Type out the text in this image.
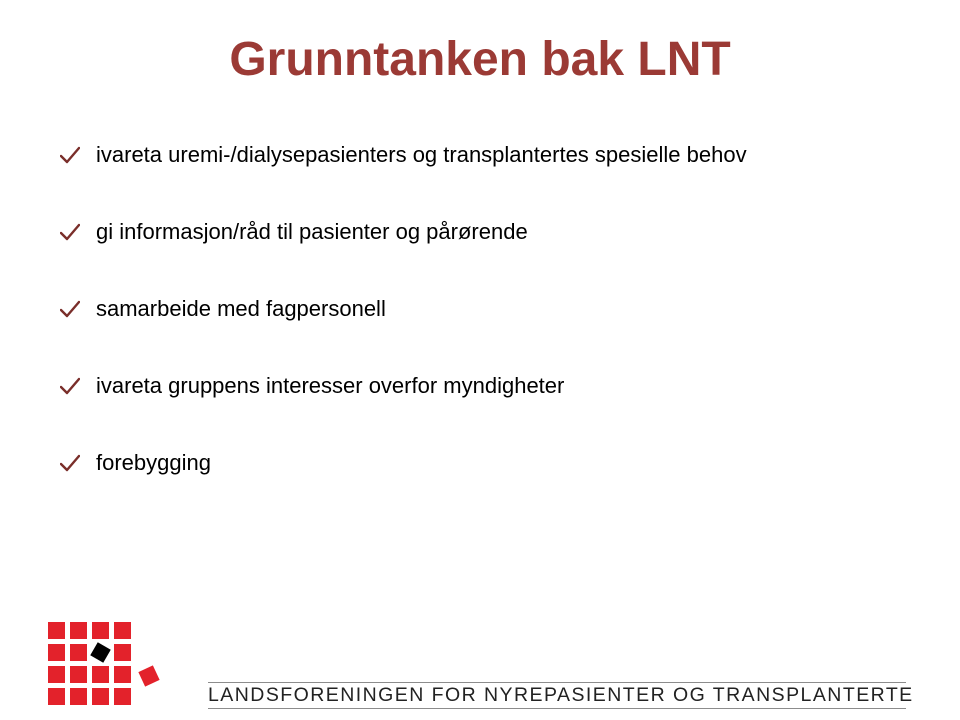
Grunntanken bak LNT
ivareta uremi-/dialysepasienters og transplantertes spesielle behov
gi informasjon/råd til pasienter og pårørende
samarbeide med fagpersonell
ivareta gruppens interesser overfor myndigheter
forebygging
LANDSFORENINGEN FOR NYREPASIENTER OG TRANSPLANTERTE
